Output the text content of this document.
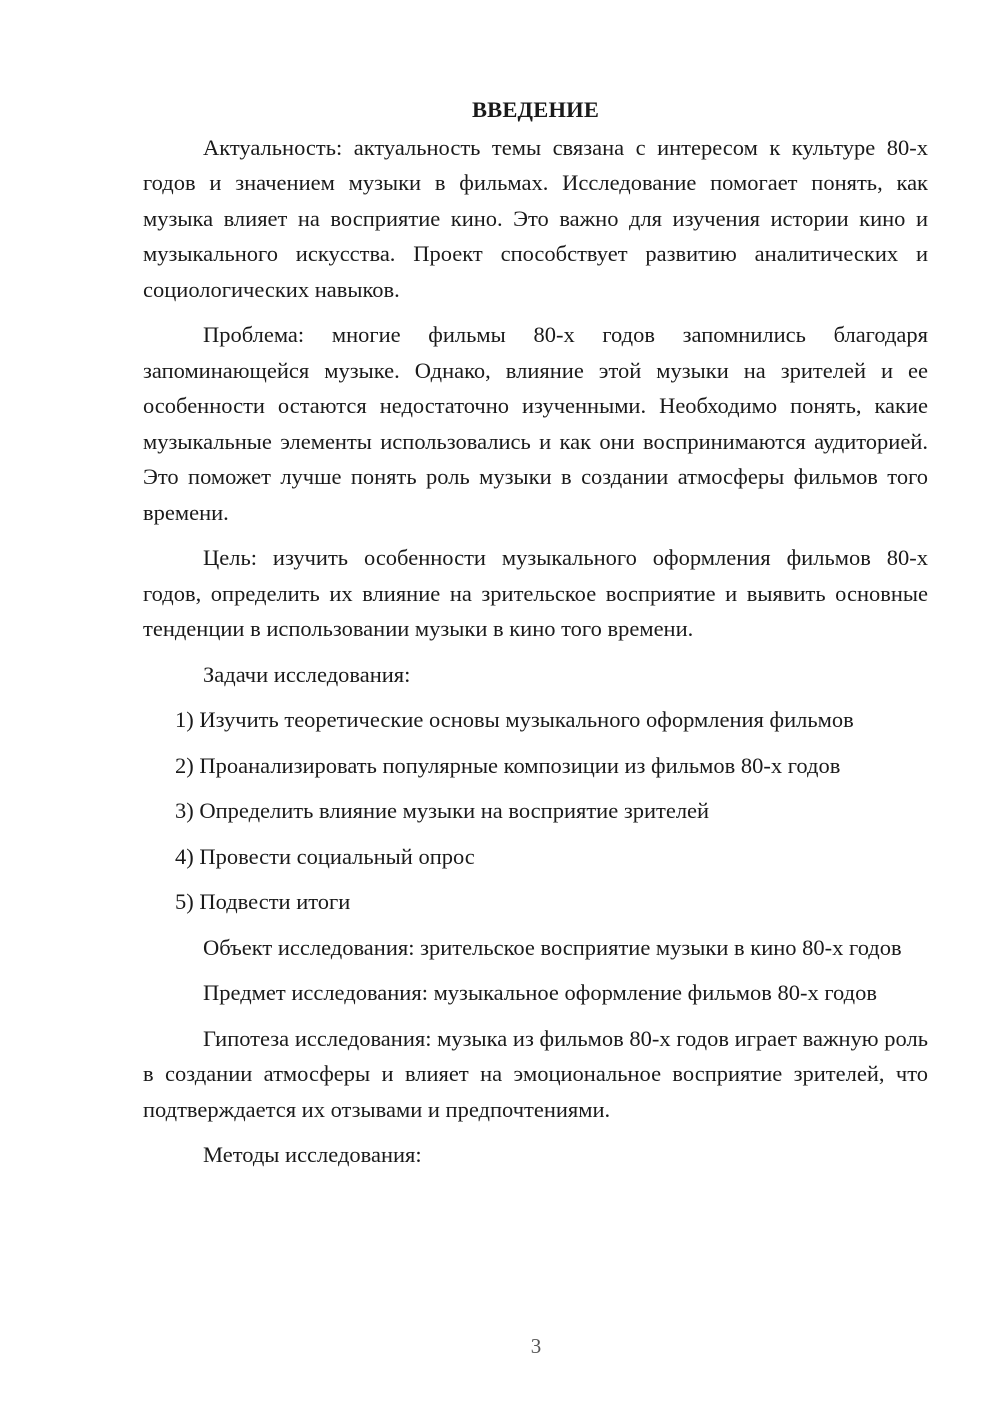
ВВЕДЕНИЕ

Актуальность: актуальность темы связана с интересом к культуре 80-х годов и значением музыки в фильмах. Исследование помогает понять, как музыка влияет на восприятие кино. Это важно для изучения истории кино и музыкального искусства. Проект способствует развитию аналитических и социологических навыков.

Проблема: многие фильмы 80-х годов запомнились благодаря запоминающейся музыке. Однако, влияние этой музыки на зрителей и ее особенности остаются недостаточно изученными. Необходимо понять, какие музыкальные элементы использовались и как они воспринимаются аудиторией. Это поможет лучше понять роль музыки в создании атмосферы фильмов того времени.

Цель: изучить особенности музыкального оформления фильмов 80-х годов, определить их влияние на зрительское восприятие и выявить основные тенденции в использовании музыки в кино того времени.

Задачи исследования:

1) Изучить теоретические основы музыкального оформления фильмов

2) Проанализировать популярные композиции из фильмов 80-х годов

3) Определить влияние музыки на восприятие зрителей

4) Провести социальный опрос

5) Подвести итоги

Объект исследования: зрительское восприятие музыки в кино 80-х годов

Предмет исследования: музыкальное оформление фильмов 80-х годов

Гипотеза исследования: музыка из фильмов 80-х годов играет важную роль в создании атмосферы и влияет на эмоциональное восприятие зрителей, что подтверждается их отзывами и предпочтениями.

Методы исследования:

3
